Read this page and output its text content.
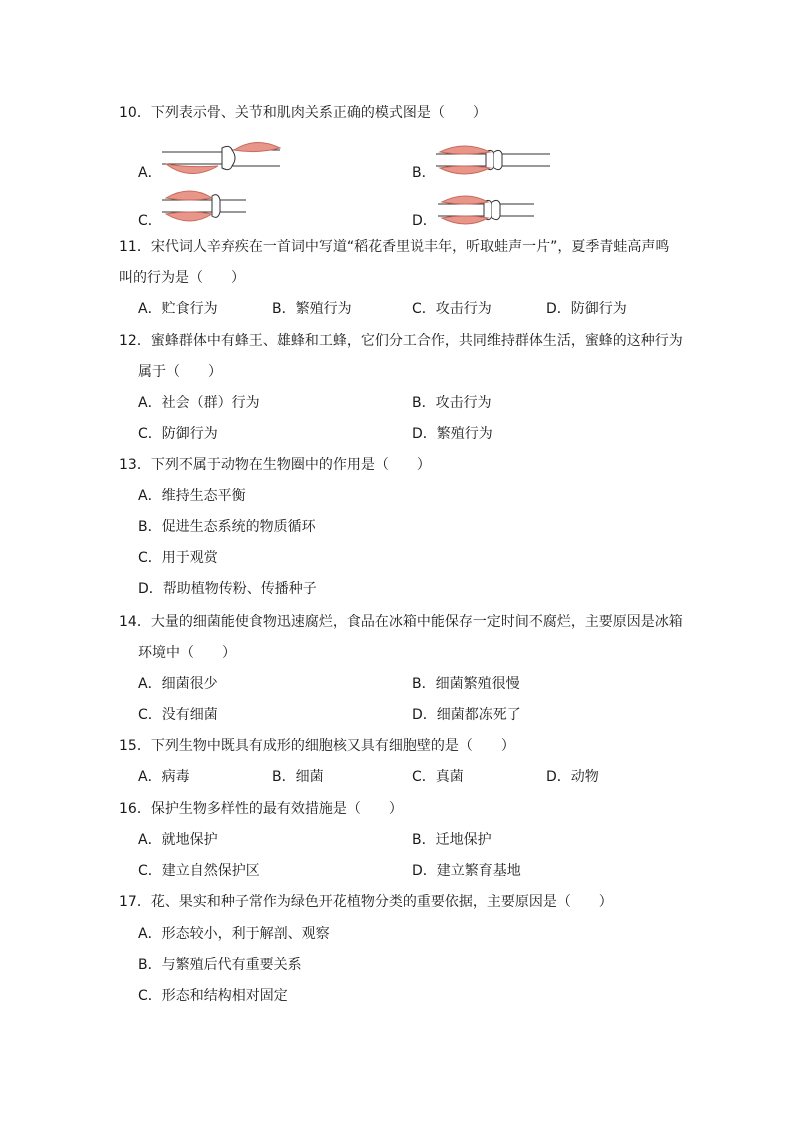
10．下列表示骨、关节和肌肉关系正确的模式图是（　　）
A．	B．
C．	D．
11．宋代词人辛弃疾在一首词中写道“稻花香里说丰年，听取蛙声一片”，夏季青蛙高声鸣
叫的行为是（　　）
A．贮食行为	B．繁殖行为	C．攻击行为	D．防御行为
12．蜜蜂群体中有蜂王、雄蜂和工蜂，它们分工合作，共同维持群体生活，蜜蜂的这种行为
属于（　　）
A．社会（群）行为	B．攻击行为
C．防御行为	D．繁殖行为
13．下列不属于动物在生物圈中的作用是（　　）
A．维持生态平衡
B．促进生态系统的物质循环
C．用于观赏
D．帮助植物传粉、传播种子
14．大量的细菌能使食物迅速腐烂，食品在冰箱中能保存一定时间不腐烂，主要原因是冰箱
环境中（　　）
A．细菌很少	B．细菌繁殖很慢
C．没有细菌	D．细菌都冻死了
15．下列生物中既具有成形的细胞核又具有细胞壁的是（　　）
A．病毒	B．细菌	C．真菌	D．动物
16．保护生物多样性的最有效措施是（　　）
A．就地保护	B．迁地保护
C．建立自然保护区	D．建立繁育基地
17．花、果实和种子常作为绿色开花植物分类的重要依据，主要原因是（　　）
A．形态较小，利于解剖、观察
B．与繁殖后代有重要关系
C．形态和结构相对固定
